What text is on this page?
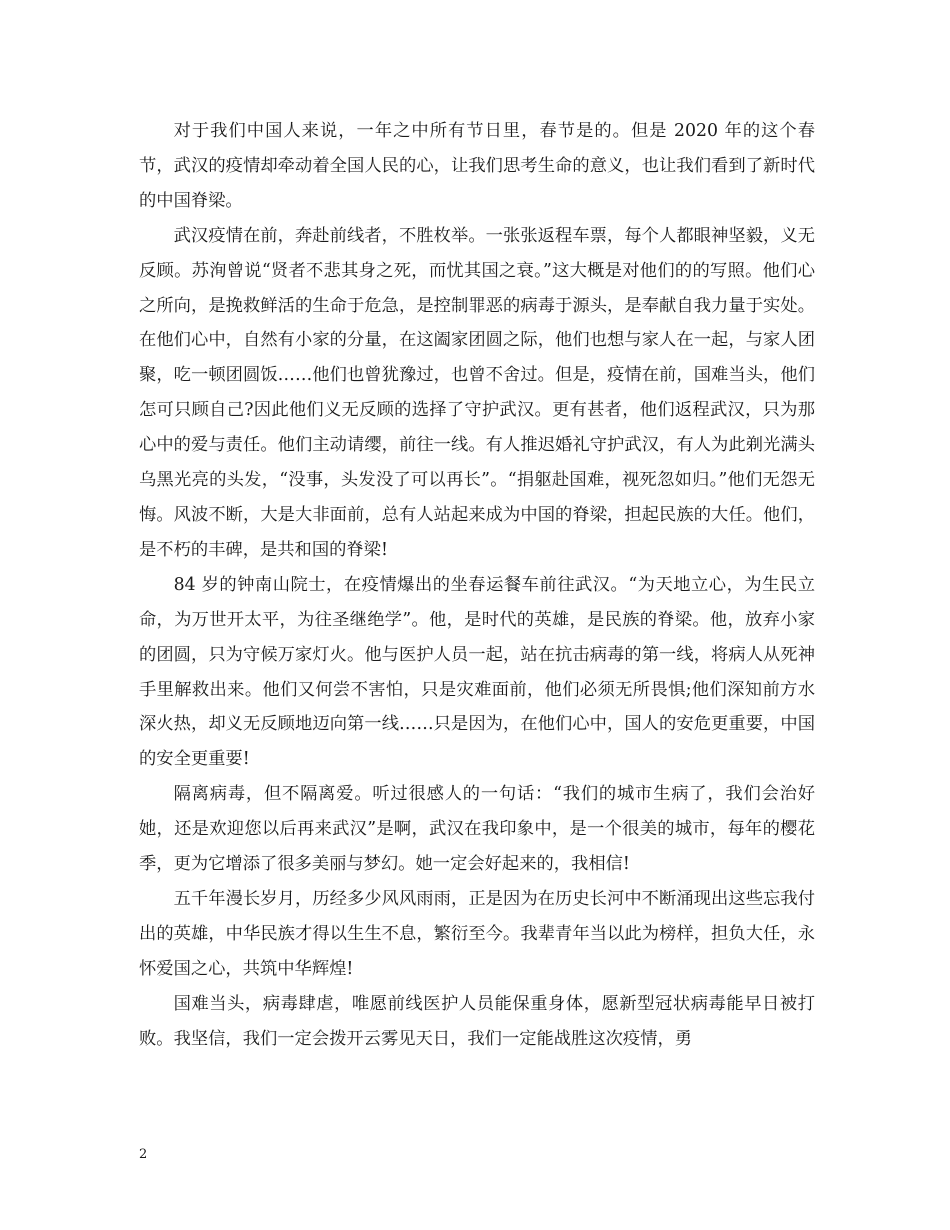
对于我们中国人来说，一年之中所有节日里，春节是的。但是 2020 年的这个春节，武汉的疫情却牵动着全国人民的心，让我们思考生命的意义，也让我们看到了新时代的中国脊梁。

武汉疫情在前，奔赴前线者，不胜枚举。一张张返程车票，每个人都眼神坚毅，义无反顾。苏洵曾说“贤者不悲其身之死，而忧其国之衰。”这大概是对他们的的写照。他们心之所向，是挽救鲜活的生命于危急，是控制罪恶的病毒于源头，是奉献自我力量于实处。在他们心中，自然有小家的分量，在这阖家团圆之际，他们也想与家人在一起，与家人团聚，吃一顿团圆饭……他们也曾犹豫过，也曾不舍过。但是，疫情在前，国难当头，他们怎可只顾自己?因此他们义无反顾的选择了守护武汉。更有甚者，他们返程武汉，只为那心中的爱与责任。他们主动请缨，前往一线。有人推迟婚礼守护武汉，有人为此剃光满头乌黑光亮的头发，“没事，头发没了可以再长”。“捐躯赴国难，视死忽如归。”他们无怨无悔。风波不断，大是大非面前，总有人站起来成为中国的脊梁，担起民族的大任。他们，是不朽的丰碑，是共和国的脊梁!

84 岁的钟南山院士，在疫情爆出的坐春运餐车前往武汉。“为天地立心，为生民立命，为万世开太平，为往圣继绝学”。他，是时代的英雄，是民族的脊梁。他，放弃小家的团圆，只为守候万家灯火。他与医护人员一起，站在抗击病毒的第一线，将病人从死神手里解救出来。他们又何尝不害怕，只是灾难面前，他们必须无所畏惧;他们深知前方水深火热，却义无反顾地迈向第一线……只是因为，在他们心中，国人的安危更重要，中国的安全更重要!

隔离病毒，但不隔离爱。听过很感人的一句话：“我们的城市生病了，我们会治好她，还是欢迎您以后再来武汉”是啊，武汉在我印象中，是一个很美的城市，每年的樱花季，更为它增添了很多美丽与梦幻。她一定会好起来的，我相信!

五千年漫长岁月，历经多少风风雨雨，正是因为在历史长河中不断涌现出这些忘我付出的英雄，中华民族才得以生生不息，繁衍至今。我辈青年当以此为榜样，担负大任，永怀爱国之心，共筑中华辉煌!

国难当头，病毒肆虐，唯愿前线医护人员能保重身体，愿新型冠状病毒能早日被打败。我坚信，我们一定会拨开云雾见天日，我们一定能战胜这次疫情，勇

2
